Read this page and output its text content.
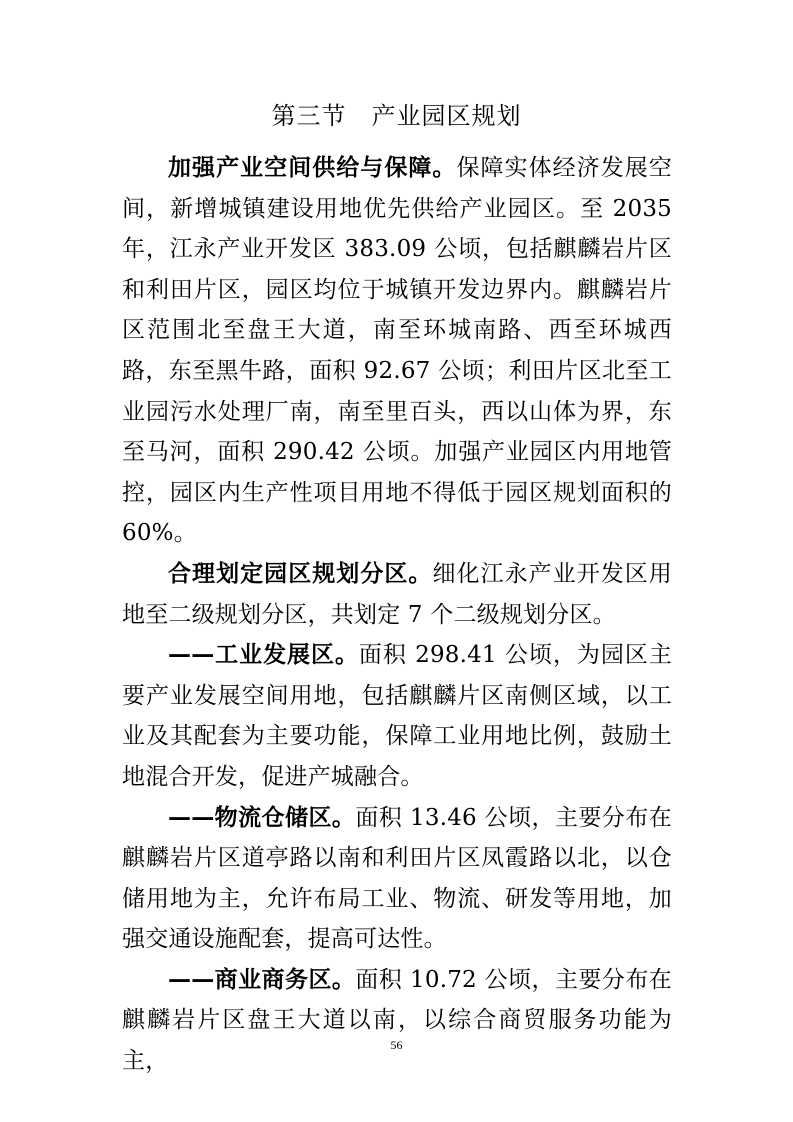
第三节　产业园区规划

加强产业空间供给与保障。保障实体经济发展空间，新增城镇建设用地优先供给产业园区。至 2035 年，江永产业开发区 383.09 公顷，包括麒麟岩片区和利田片区，园区均位于城镇开发边界内。麒麟岩片区范围北至盘王大道，南至环城南路、西至环城西路，东至黑牛路，面积 92.67 公顷；利田片区北至工业园污水处理厂南，南至里百头，西以山体为界，东至马河，面积 290.42 公顷。加强产业园区内用地管控，园区内生产性项目用地不得低于园区规划面积的 60%。

合理划定园区规划分区。细化江永产业开发区用地至二级规划分区，共划定 7 个二级规划分区。

——工业发展区。面积 298.41 公顷，为园区主要产业发展空间用地，包括麒麟片区南侧区域，以工业及其配套为主要功能，保障工业用地比例，鼓励土地混合开发，促进产城融合。

——物流仓储区。面积 13.46 公顷，主要分布在麒麟岩片区道亭路以南和利田片区凤霞路以北，以仓储用地为主，允许布局工业、物流、研发等用地，加强交通设施配套，提高可达性。

——商业商务区。面积 10.72 公顷，主要分布在麒麟岩片区盘王大道以南，以综合商贸服务功能为主，

56
